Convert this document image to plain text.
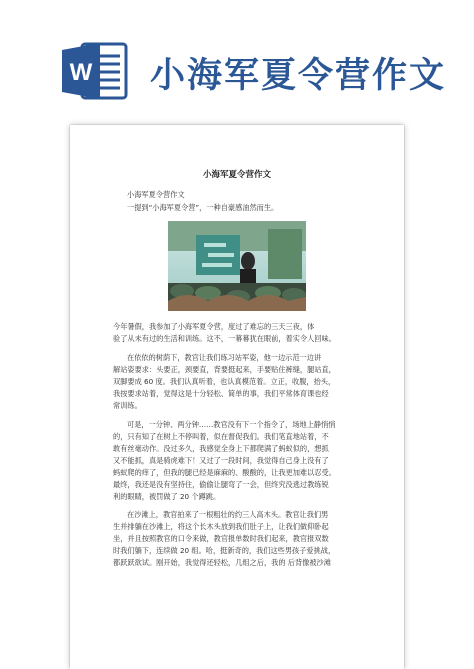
W 小海军夏令营作文
小海军夏令营作文
小海军夏令营作文
一提到“小海军夏令营”，一种自豪感油然而生。
今年暑假，我参加了小海军夏令营，度过了难忘的三天三夜，体
验了从未有过的生活和训练。这不，一幕幕犹在眼前，着实令人回味。
在依依的树荫下，教官让我们练习站军姿，他一边示范一边讲
解站姿要求：头要正，颈要直，背要挺起来，手要贴住裤缝，腿站直，
双脚要成 60 度。我们认真听着，也认真模范着。立正，收腹，抬头，
我按要求站着，觉得这是十分轻松、简单的事，我们平常体育课也经
常训练。
可是，一分钟、两分钟……教官没有下一个指令了，场地上静悄悄
的，只有知了在树上不停叫着，似在督促我们。我们笔直地站着，不
敢有丝毫动作。没过多久，我感觉全身上下都爬满了蚂蚁似的，想抓
又不能抓，真是骑虎难下！又过了一段时间，我觉得自己身上没有了
蚂蚁爬的痒了，但我的腿已经是麻麻的、酸酸的，让我更加难以忍受。
最终，我还是没有坚持住，偷偷让腿弯了一会，但终究没逃过教练锐
利的眼睛，被罚做了 20 个蹲跳。
在沙滩上，教官拍来了一根粗壮的约三人高木头。教官让我们男
生并排躺在沙滩上，将这个长木头放到我们肚子上，让我们做仰卧起
坐，并且按照教官的口令来做，教官报单数时我们起来，教官报双数
时我们躺下，连续做 20 组。哈，挺新奇的，我们这些男孩子爱挑战，
都跃跃欲试。刚开始，我觉得还轻松，几组之后，我的 后背像被沙滩
